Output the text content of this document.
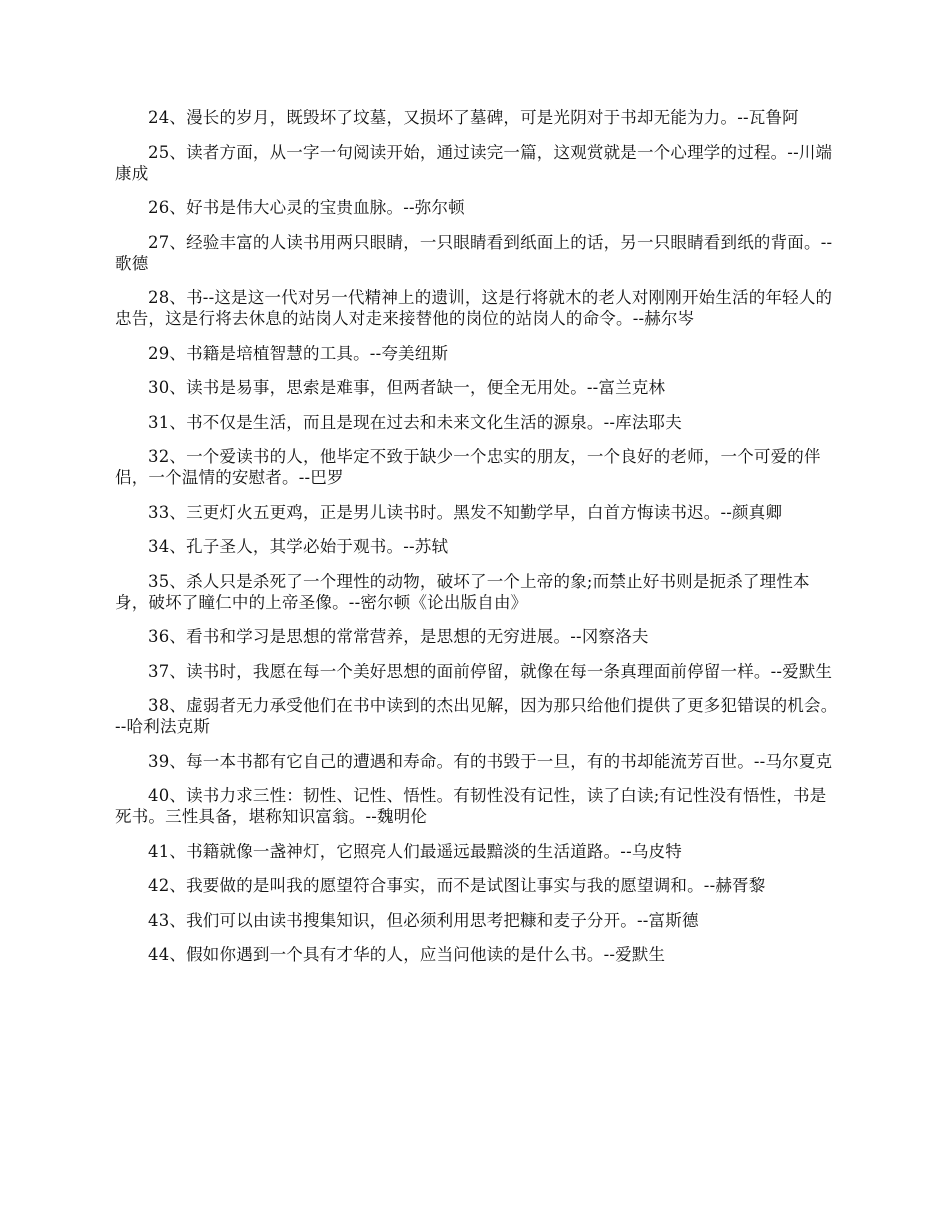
24、漫长的岁月，既毁坏了坟墓，又损坏了墓碑，可是光阴对于书却无能为力。--瓦鲁阿

25、读者方面，从一字一句阅读开始，通过读完一篇，这观赏就是一个心理学的过程。--川端康成

26、好书是伟大心灵的宝贵血脉。--弥尔顿

27、经验丰富的人读书用两只眼睛，一只眼睛看到纸面上的话，另一只眼睛看到纸的背面。--歌德

28、书--这是这一代对另一代精神上的遗训，这是行将就木的老人对刚刚开始生活的年轻人的忠告，这是行将去休息的站岗人对走来接替他的岗位的站岗人的命令。--赫尔岑

29、书籍是培植智慧的工具。--夸美纽斯

30、读书是易事，思索是难事，但两者缺一，便全无用处。--富兰克林

31、书不仅是生活，而且是现在过去和未来文化生活的源泉。--库法耶夫

32、一个爱读书的人，他毕定不致于缺少一个忠实的朋友，一个良好的老师，一个可爱的伴侣，一个温情的安慰者。--巴罗

33、三更灯火五更鸡，正是男儿读书时。黑发不知勤学早，白首方悔读书迟。--颜真卿

34、孔子圣人，其学必始于观书。--苏轼

35、杀人只是杀死了一个理性的动物，破坏了一个上帝的象;而禁止好书则是扼杀了理性本身，破坏了瞳仁中的上帝圣像。--密尔顿《论出版自由》

36、看书和学习是思想的常常营养，是思想的无穷进展。--冈察洛夫

37、读书时，我愿在每一个美好思想的面前停留，就像在每一条真理面前停留一样。--爱默生

38、虚弱者无力承受他们在书中读到的杰出见解，因为那只给他们提供了更多犯错误的机会。--哈利法克斯

39、每一本书都有它自己的遭遇和寿命。有的书毁于一旦，有的书却能流芳百世。--马尔夏克

40、读书力求三性：韧性、记性、悟性。有韧性没有记性，读了白读;有记性没有悟性，书是死书。三性具备，堪称知识富翁。--魏明伦

41、书籍就像一盏神灯，它照亮人们最遥远最黯淡的生活道路。--乌皮特

42、我要做的是叫我的愿望符合事实，而不是试图让事实与我的愿望调和。--赫胥黎

43、我们可以由读书搜集知识，但必须利用思考把糠和麦子分开。--富斯德

44、假如你遇到一个具有才华的人，应当问他读的是什么书。--爱默生
